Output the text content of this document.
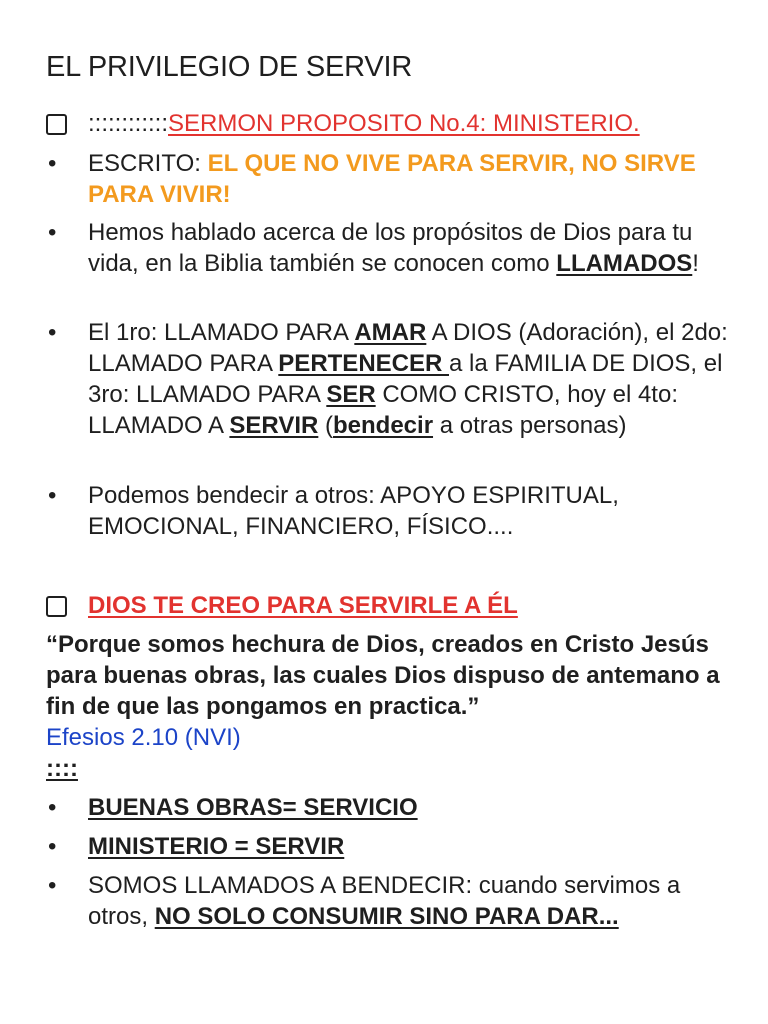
EL PRIVILEGIO DE SERVIR
::::::::::::SERMON PROPOSITO No.4: MINISTERIO.
•	ESCRITO: EL QUE NO VIVE PARA SERVIR, NO SIRVE PARA VIVIR!
•	Hemos hablado acerca de los propósitos de Dios para tu vida, en la Biblia también se conocen como LLAMADOS!
•	El 1ro: LLAMADO PARA AMAR A DIOS (Adoración), el 2do: LLAMADO PARA PERTENECER a la FAMILIA DE DIOS, el 3ro: LLAMADO PARA SER COMO CRISTO, hoy el 4to: LLAMADO A SERVIR (bendecir a otras personas)
•	Podemos bendecir a otros: APOYO ESPIRITUAL, EMOCIONAL, FINANCIERO, FÍSICO....
DIOS TE CREO PARA SERVIRLE A ÉL
“Porque somos hechura de Dios, creados en Cristo Jesús para buenas obras, las cuales Dios dispuso de antemano a fin de que las pongamos en practica.”
Efesios 2.10 (NVI)
::::
•	BUENAS OBRAS= SERVICIO
•	MINISTERIO = SERVIR
•	SOMOS LLAMADOS A BENDECIR: cuando servimos a otros, NO SOLO CONSUMIR SINO PARA DAR...
